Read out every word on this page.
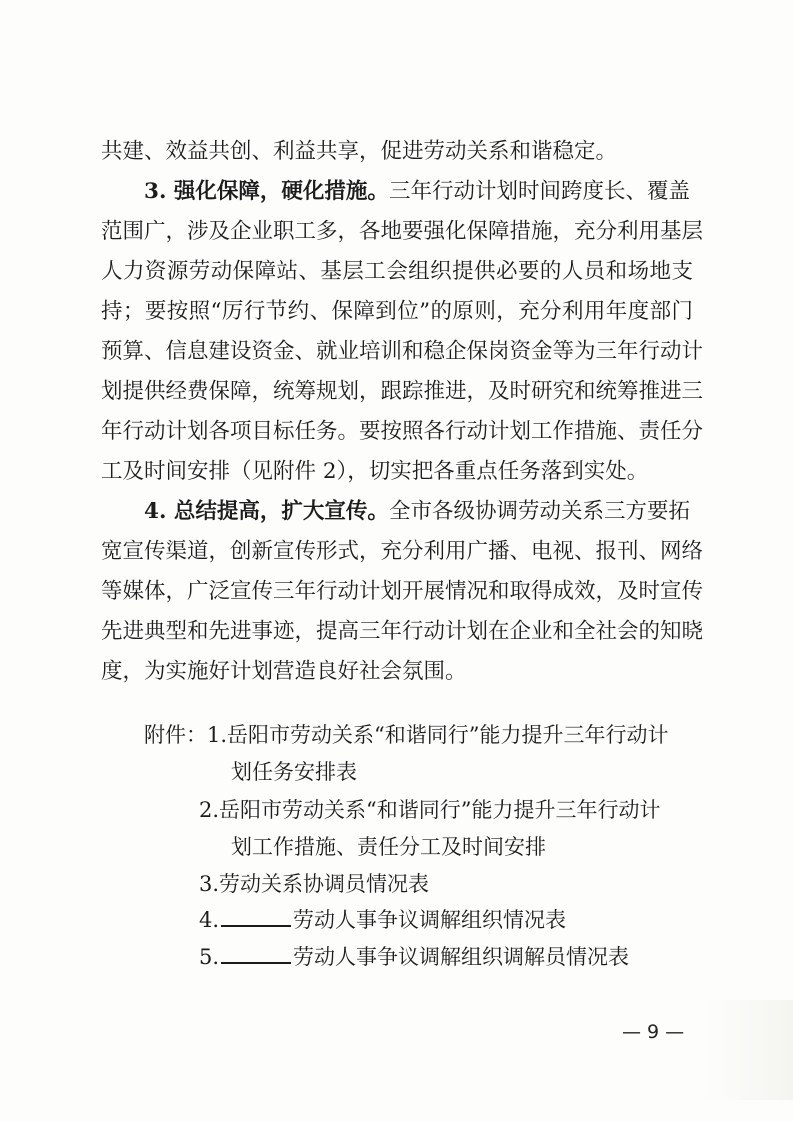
共建、效益共创、利益共享，促进劳动关系和谐稳定。
3. 强化保障，硬化措施。三年行动计划时间跨度长、覆盖
范围广，涉及企业职工多，各地要强化保障措施，充分利用基层
人力资源劳动保障站、基层工会组织提供必要的人员和场地支
持；要按照“厉行节约、保障到位”的原则，充分利用年度部门
预算、信息建设资金、就业培训和稳企保岗资金等为三年行动计
划提供经费保障，统筹规划，跟踪推进，及时研究和统筹推进三
年行动计划各项目标任务。要按照各行动计划工作措施、责任分
工及时间安排（见附件 2），切实把各重点任务落到实处。
4. 总结提高，扩大宣传。全市各级协调劳动关系三方要拓
宽宣传渠道，创新宣传形式，充分利用广播、电视、报刊、网络
等媒体，广泛宣传三年行动计划开展情况和取得成效，及时宣传
先进典型和先进事迹，提高三年行动计划在企业和全社会的知晓
度，为实施好计划营造良好社会氛围。
附件：1.岳阳市劳动关系“和谐同行”能力提升三年行动计
划任务安排表
2.岳阳市劳动关系“和谐同行”能力提升三年行动计
划工作措施、责任分工及时间安排
3.劳动关系协调员情况表
4.	劳动人事争议调解组织情况表
5.	劳动人事争议调解组织调解员情况表
— 9 —
